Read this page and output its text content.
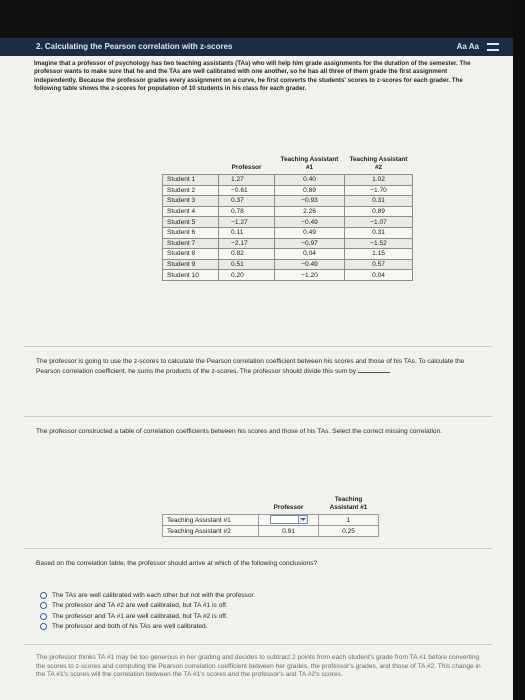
2. Calculating the Pearson correlation with z-scores	Aa Aa

Imagine that a professor of psychology has two teaching assistants (TAs) who will help him grade assignments for the duration of the semester. The professor wants to make sure that he and the TAs are well calibrated with one another, so he has all three of them grade the first assignment independently. Because the professor grades every assignment on a curve, he first converts the students' scores to z-scores for each grader. The following table shows the z-scores for population of 10 students in his class for each grader.

	Professor	Teaching Assistant #1	Teaching Assistant #2
Student 1	1.27	0.40	1.02
Student 2	−0.61	0.89	−1.70
Student 3	0.37	−0.93	0.31
Student 4	0.78	2.26	0.89
Student 5	−1.27	−0.49	−1.07
Student 6	0.11	0.49	0.31
Student 7	−2.17	−0.97	−1.52
Student 8	0.82	0.04	1.15
Student 9	0.51	−0.49	0.57
Student 10	0.20	−1.20	0.04

The professor is going to use the z-scores to calculate the Pearson correlation coefficient between his scores and those of his TAs. To calculate the Pearson correlation coefficient, he sums the products of the z-scores. The professor should divide this sum by

The professor constructed a table of correlation coefficients between his scores and those of his TAs. Select the correct missing correlation.

	Professor	Teaching Assistant #1
Teaching Assistant #1		1
Teaching Assistant #2	0.91	0.25

Based on the correlation table, the professor should arrive at which of the following conclusions?

The TAs are well calibrated with each other but not with the professor.
The professor and TA #2 are well calibrated, but TA #1 is off.
The professor and TA #1 are well calibrated, but TA #2 is off.
The professor and both of his TAs are well calibrated.

The professor thinks TA #1 may be too generous in her grading and decides to subtract 2 points from each student's grade from TA #1 before converting the scores to z-scores and computing the Pearson correlation coefficient between her grades, the professor's grades, and those of TA #2. This change in the TA #1's scores will the correlation between the TA #1's scores and the professor's and TA #2's scores.
